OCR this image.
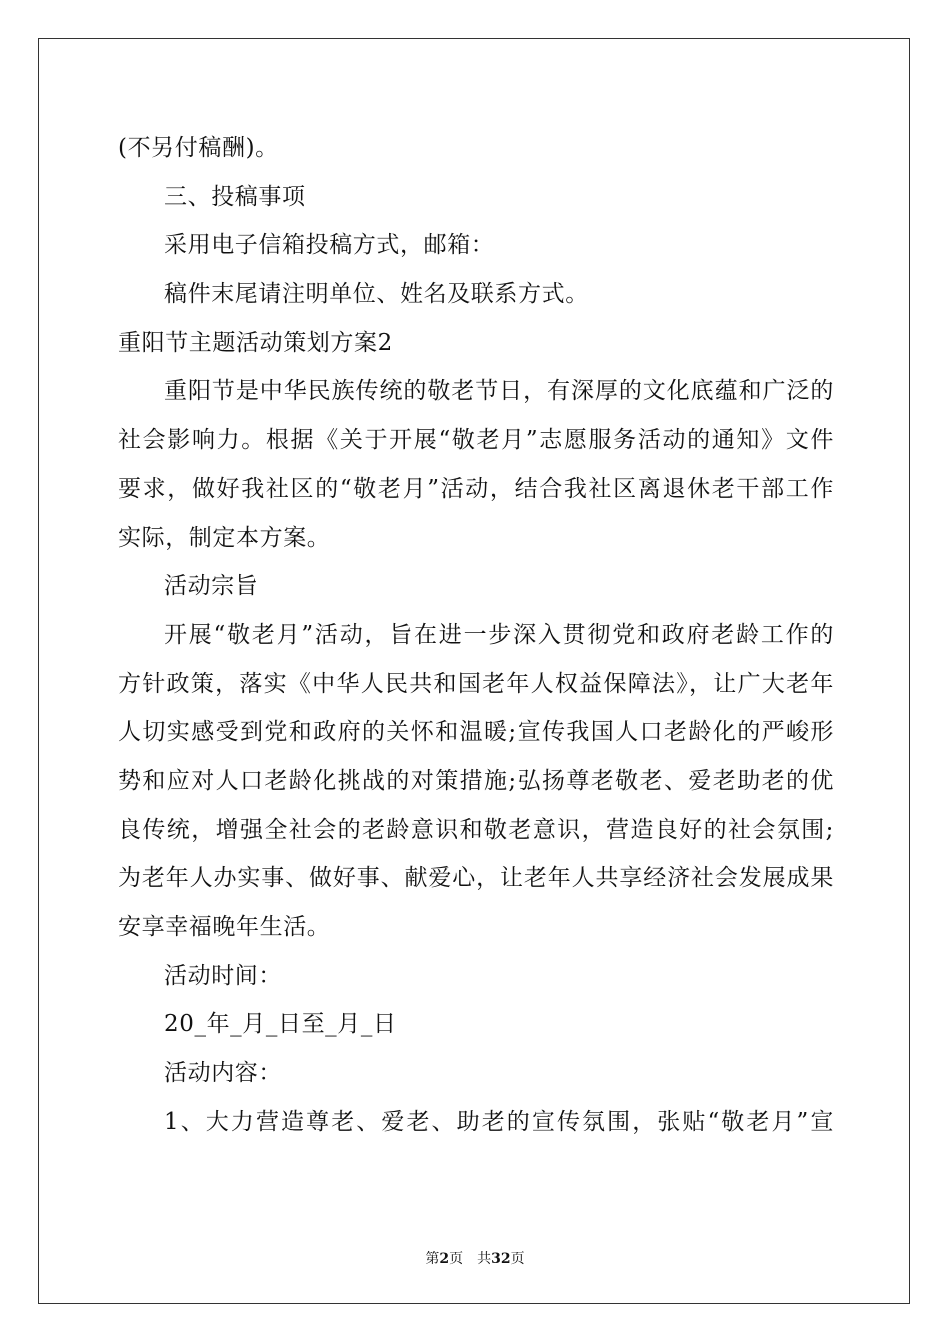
(不另付稿酬)。
三、投稿事项
采用电子信箱投稿方式，邮箱：
稿件末尾请注明单位、姓名及联系方式。
重阳节主题活动策划方案2
重阳节是中华民族传统的敬老节日，有深厚的文化底蕴和广泛的
社会影响力。根据《关于开展“敬老月”志愿服务活动的通知》文件
要求，做好我社区的“敬老月”活动，结合我社区离退休老干部工作
实际，制定本方案。
活动宗旨
开展“敬老月”活动，旨在进一步深入贯彻党和政府老龄工作的
方针政策，落实《中华人民共和国老年人权益保障法》，让广大老年
人切实感受到党和政府的关怀和温暖;宣传我国人口老龄化的严峻形
势和应对人口老龄化挑战的对策措施;弘扬尊老敬老、爱老助老的优
良传统，增强全社会的老龄意识和敬老意识，营造良好的社会氛围;
为老年人办实事、做好事、献爱心，让老年人共享经济社会发展成果
安享幸福晚年生活。
活动时间：
20_年_月_日至_月_日
活动内容：
1、大力营造尊老、爱老、助老的宣传氛围，张贴“敬老月”宣
第2页 共32页
